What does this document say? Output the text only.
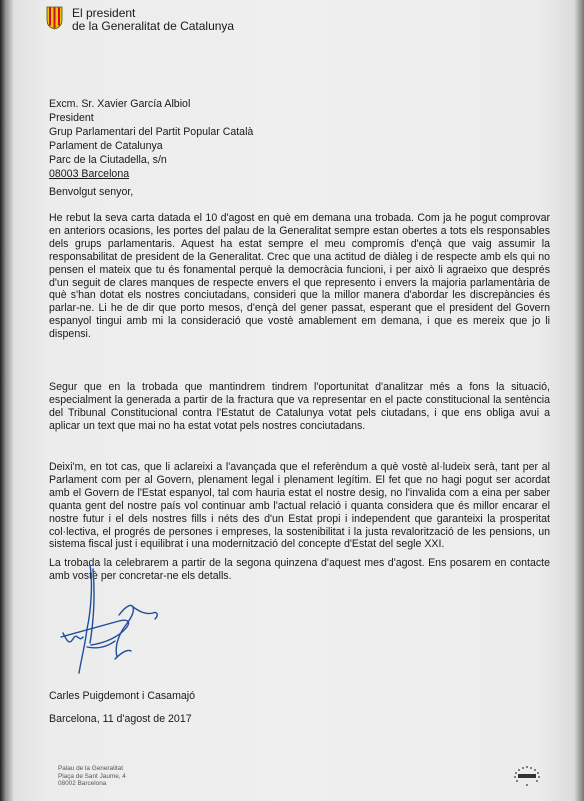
El president
de la Generalitat de Catalunya
Excm. Sr. Xavier García Albiol
President
Grup Parlamentari del Partit Popular Català
Parlament de Catalunya
Parc de la Ciutadella, s/n
08003 Barcelona
Benvolgut senyor,
He rebut la seva carta datada el 10 d'agost en què em demana una trobada. Com ja he pogut comprovar en anteriors ocasions, les portes del palau de la Generalitat sempre estan obertes a tots els responsables dels grups parlamentaris. Aquest ha estat sempre el meu compromís d'ençà que vaig assumir la responsabilitat de president de la Generalitat. Crec que una actitud de diàleg i de respecte amb els qui no pensen el mateix que tu és fonamental perquè la democràcia funcioni, i per això li agraeixo que després d'un seguit de clares manques de respecte envers el que represento i envers la majoria parlamentària de què s'han dotat els nostres conciutadans, consideri que la millor manera d'abordar les discrepàncies és parlar-ne. Li he de dir que porto mesos, d'ençà del gener passat, esperant que el president del Govern espanyol tingui amb mi la consideració que vostè amablement em demana, i que es mereix que jo li dispensi.
Segur que en la trobada que mantindrem tindrem l'oportunitat d'analitzar més a fons la situació, especialment la generada a partir de la fractura que va representar en el pacte constitucional la sentència del Tribunal Constitucional contra l'Estatut de Catalunya votat pels ciutadans, i que ens obliga avui a aplicar un text que mai no ha estat votat pels nostres conciutadans.
Deixi'm, en tot cas, que li aclareixi a l'avançada que el referèndum a què vostè al·ludeix serà, tant per al Parlament com per al Govern, plenament legal i plenament legítim. El fet que no hagi pogut ser acordat amb el Govern de l'Estat espanyol, tal com hauria estat el nostre desig, no l'invalida com a eina per saber quanta gent del nostre país vol continuar amb l'actual relació i quanta considera que és millor encarar el nostre futur i el dels nostres fills i néts des d'un Estat propi i independent que garanteixi la prosperitat col·lectiva, el progrés de persones i empreses, la sostenibilitat i la justa revalorització de les pensions, un sistema fiscal just i equilibrat i una modernització del concepte d'Estat del segle XXI.
La trobada la celebrarem a partir de la segona quinzena d'aquest mes d'agost. Ens posarem en contacte amb vostè per concretar-ne els detalls.
Carles Puigdemont i Casamajó
Barcelona, 11 d'agost de 2017
Palau de la Generalitat
Plaça de Sant Jaume, 4
08002 Barcelona
